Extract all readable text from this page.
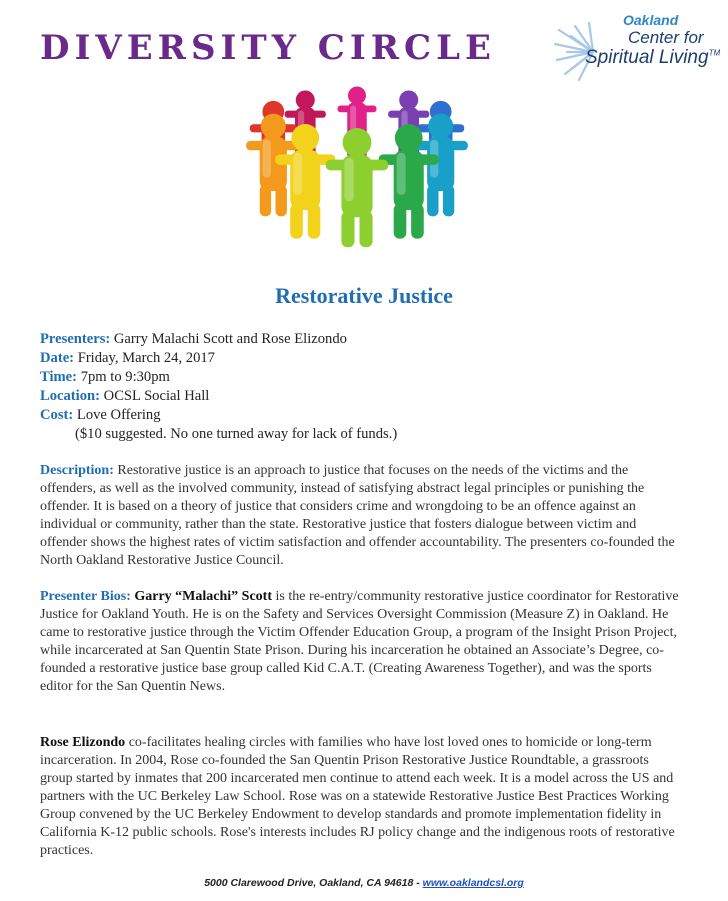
DIVERSITY CIRCLE
Oakland
Center for
Spiritual Living™
Restorative Justice
Presenters: Garry Malachi Scott and Rose Elizondo
Date: Friday, March 24, 2017
Time: 7pm to 9:30pm
Location: OCSL Social Hall
Cost: Love Offering
($10 suggested. No one turned away for lack of funds.)
Description: Restorative justice is an approach to justice that focuses on the needs of the victims and the offenders, as well as the involved community, instead of satisfying abstract legal principles or punishing the offender. It is based on a theory of justice that considers crime and wrongdoing to be an offence against an individual or community, rather than the state. Restorative justice that fosters dialogue between victim and offender shows the highest rates of victim satisfaction and offender accountability. The presenters co-founded the North Oakland Restorative Justice Council.
Presenter Bios: Garry “Malachi” Scott is the re-entry/community restorative justice coordinator for Restorative Justice for Oakland Youth. He is on the Safety and Services Oversight Commission (Measure Z) in Oakland. He came to restorative justice through the Victim Offender Education Group, a program of the Insight Prison Project, while incarcerated at San Quentin State Prison. During his incarceration he obtained an Associate’s Degree, co-founded a restorative justice base group called Kid C.A.T. (Creating Awareness Together), and was the sports editor for the San Quentin News.
Rose Elizondo co-facilitates healing circles with families who have lost loved ones to homicide or long-term incarceration. In 2004, Rose co-founded the San Quentin Prison Restorative Justice Roundtable, a grassroots group started by inmates that 200 incarcerated men continue to attend each week. It is a model across the US and partners with the UC Berkeley Law School. Rose was on a statewide Restorative Justice Best Practices Working Group convened by the UC Berkeley Endowment to develop standards and promote implementation fidelity in California K-12 public schools. Rose's interests includes RJ policy change and the indigenous roots of restorative practices.
5000 Clarewood Drive, Oakland, CA 94618 - www.oaklandcsl.org
